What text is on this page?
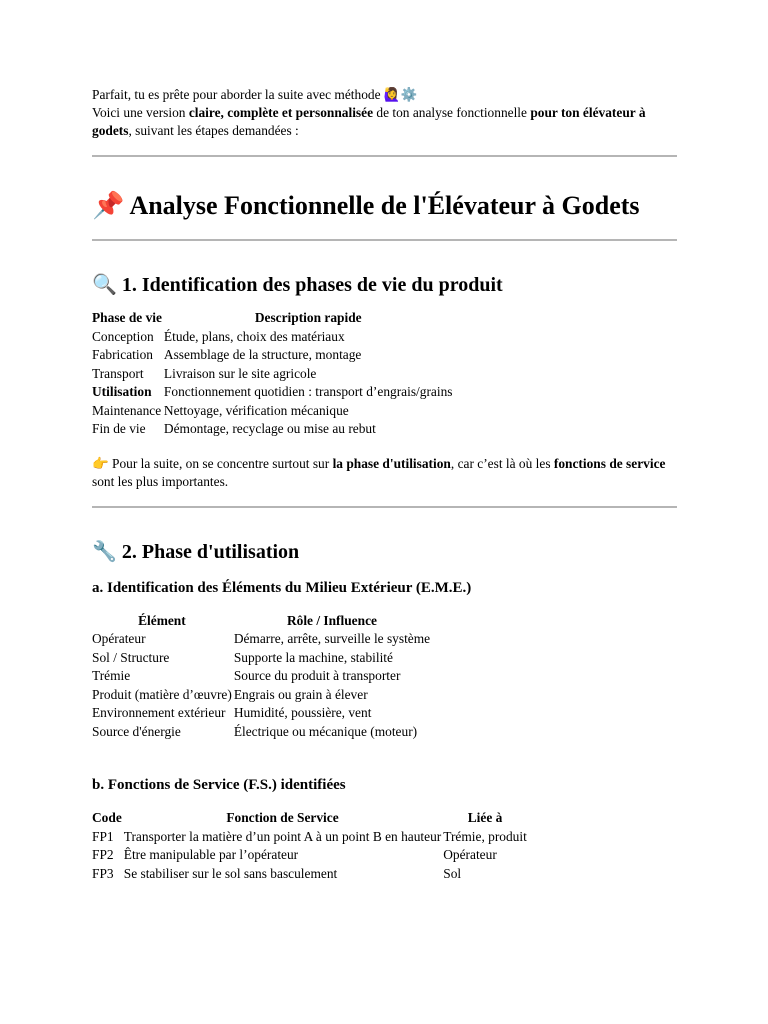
Parfait, tu es prête pour aborder la suite avec méthode 🙋‍♀️⚙️
Voici une version claire, complète et personnalisée de ton analyse fonctionnelle pour ton élévateur à godets, suivant les étapes demandées :
📌 Analyse Fonctionnelle de l'Élévateur à Godets
🔍 1. Identification des phases de vie du produit
Phase de vie	Description rapide
Conception	Étude, plans, choix des matériaux
Fabrication	Assemblage de la structure, montage
Transport	Livraison sur le site agricole
Utilisation	Fonctionnement quotidien : transport d’engrais/grains
Maintenance	Nettoyage, vérification mécanique
Fin de vie	Démontage, recyclage ou mise au rebut
👉 Pour la suite, on se concentre surtout sur la phase d'utilisation, car c’est là où les fonctions de service sont les plus importantes.
🔧 2. Phase d'utilisation
a. Identification des Éléments du Milieu Extérieur (E.M.E.)
Élément	Rôle / Influence
Opérateur	Démarre, arrête, surveille le système
Sol / Structure	Supporte la machine, stabilité
Trémie	Source du produit à transporter
Produit (matière d’œuvre)	Engrais ou grain à élever
Environnement extérieur	Humidité, poussière, vent
Source d'énergie	Électrique ou mécanique (moteur)
b. Fonctions de Service (F.S.) identifiées
Code	Fonction de Service	Liée à
FP1	Transporter la matière d’un point A à un point B en hauteur	Trémie, produit
FP2	Être manipulable par l’opérateur	Opérateur
FP3	Se stabiliser sur le sol sans basculement	Sol
